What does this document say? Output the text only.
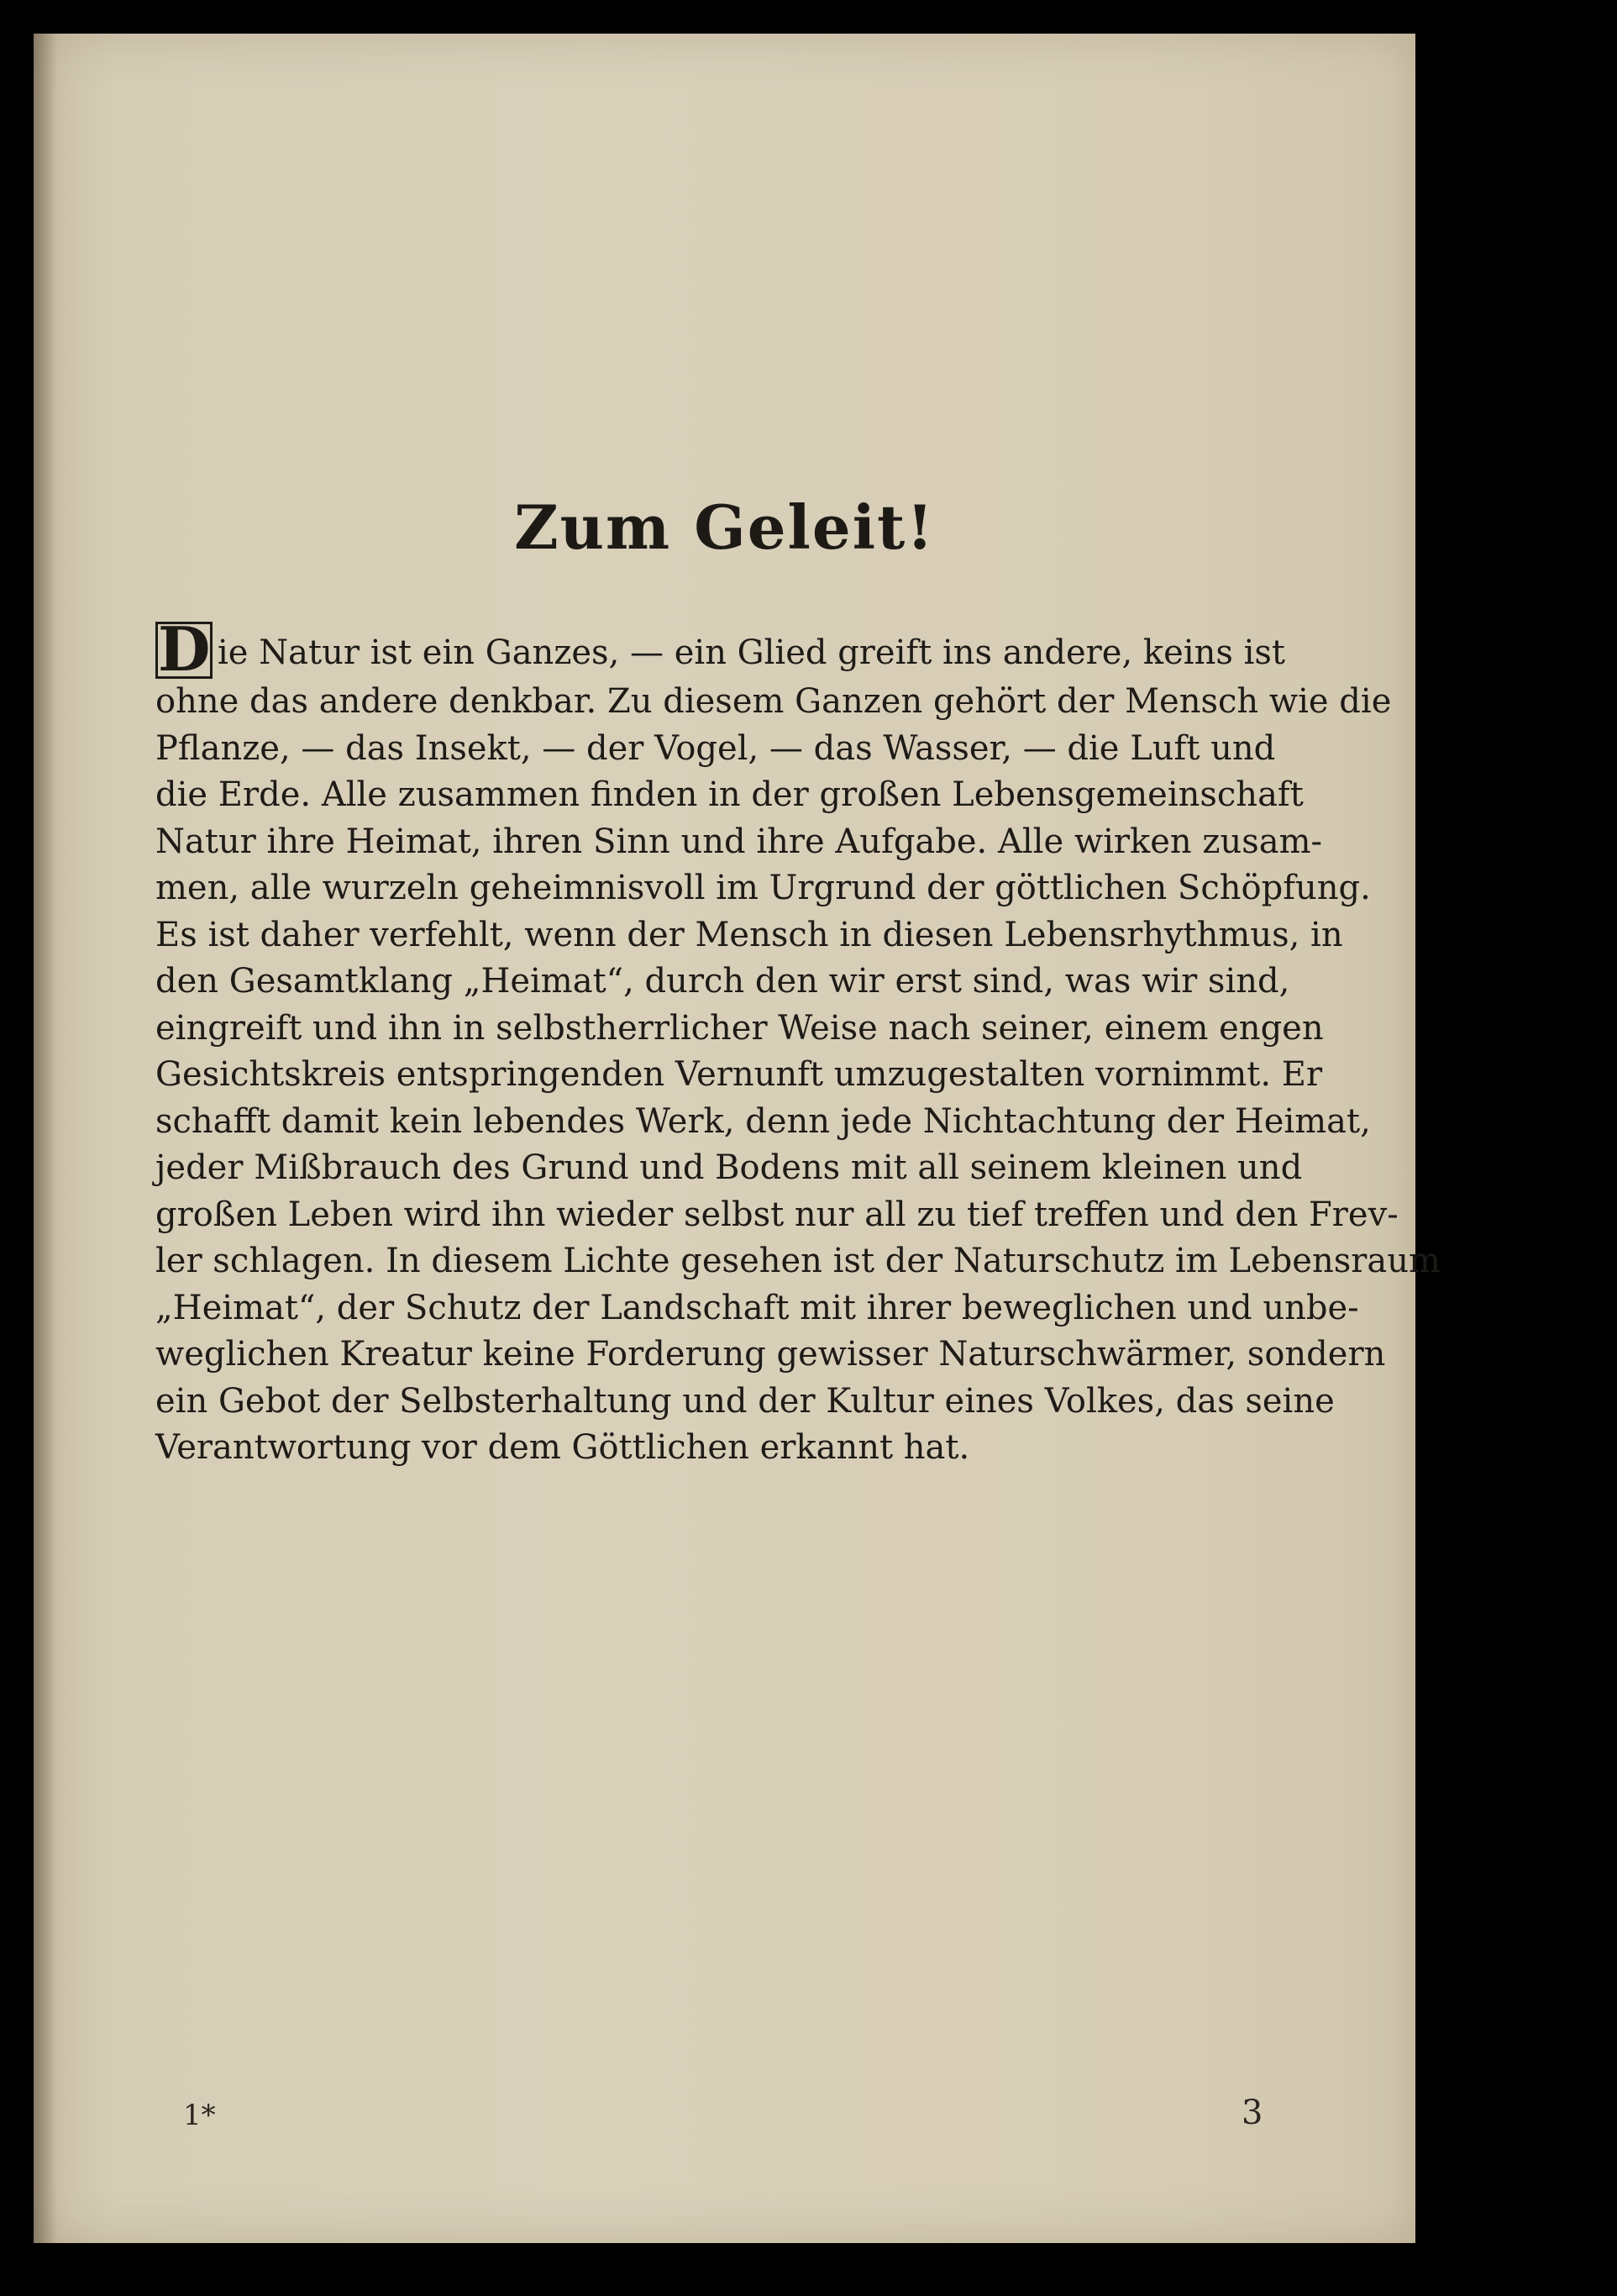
Zum Geleit!

D ie Natur ist ein Ganzes, — ein Glied greift ins andere, keins ist
ohne das andere denkbar. Zu diesem Ganzen gehört der Mensch wie die
Pflanze, — das Insekt, — der Vogel, — das Wasser, — die Luft und
die Erde. Alle zusammen finden in der großen Lebensgemeinschaft
Natur ihre Heimat, ihren Sinn und ihre Aufgabe. Alle wirken zusam-
men, alle wurzeln geheimnisvoll im Urgrund der göttlichen Schöpfung.
Es ist daher verfehlt, wenn der Mensch in diesen Lebensrhythmus, in
den Gesamtklang „Heimat“, durch den wir erst sind, was wir sind,
eingreift und ihn in selbstherrlicher Weise nach seiner, einem engen
Gesichtskreis entspringenden Vernunft umzugestalten vornimmt. Er
schafft damit kein lebendes Werk, denn jede Nichtachtung der Heimat,
jeder Mißbrauch des Grund und Bodens mit all seinem kleinen und
großen Leben wird ihn wieder selbst nur all zu tief treffen und den Frev-
ler schlagen. In diesem Lichte gesehen ist der Naturschutz im Lebensraum
„Heimat“, der Schutz der Landschaft mit ihrer beweglichen und unbe-
weglichen Kreatur keine Forderung gewisser Naturschwärmer, sondern
ein Gebot der Selbsterhaltung und der Kultur eines Volkes, das seine
Verantwortung vor dem Göttlichen erkannt hat.

1*	3
